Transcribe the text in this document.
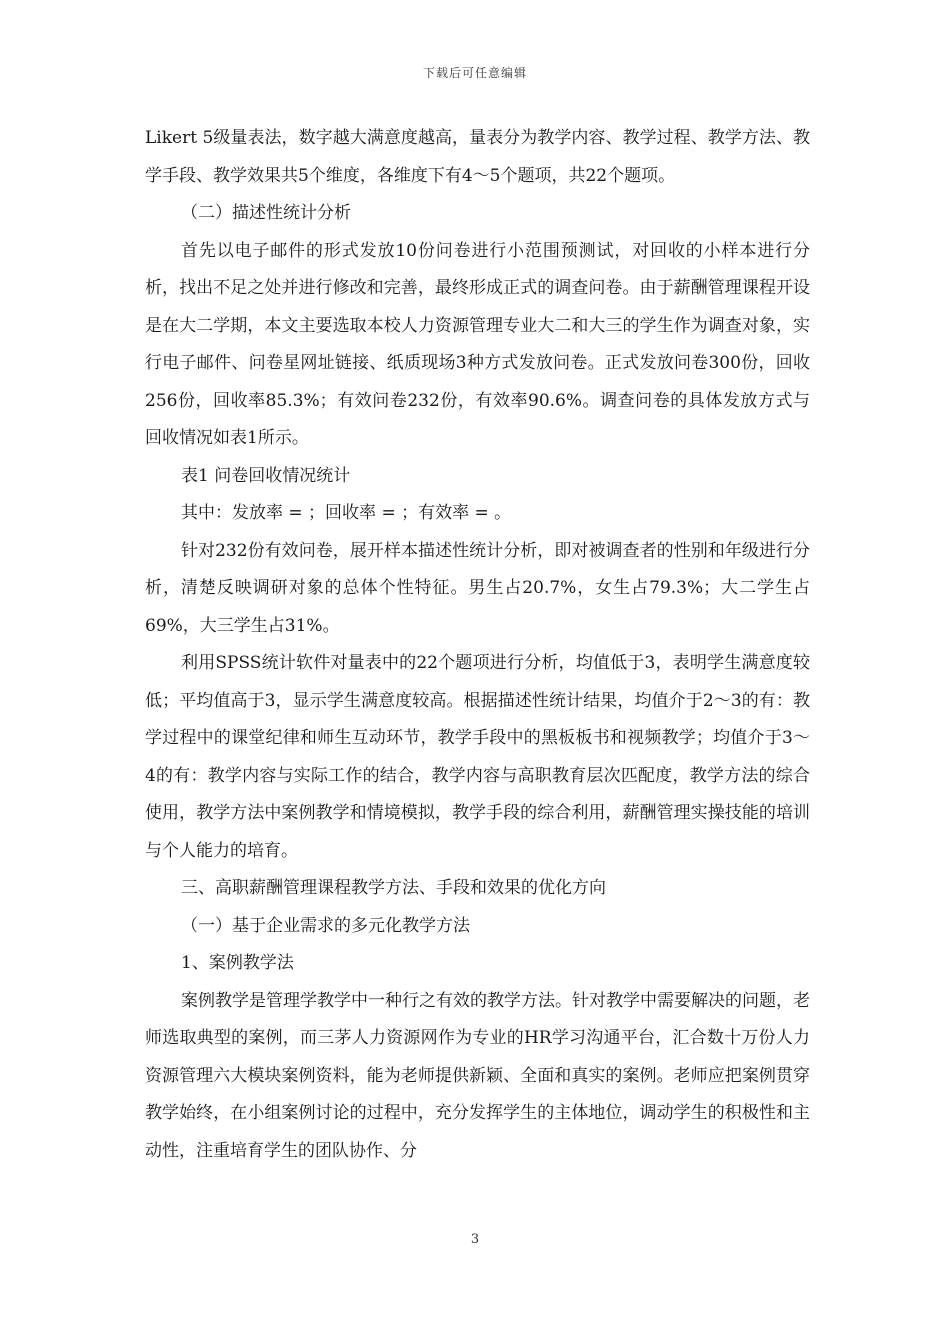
下载后可任意编辑

Likert 5级量表法，数字越大满意度越高，量表分为教学内容、教学过程、教学方法、教学手段、教学效果共5个维度，各维度下有4～5个题项，共22个题项。

（二）描述性统计分析

首先以电子邮件的形式发放10份问卷进行小范围预测试，对回收的小样本进行分析，找出不足之处并进行修改和完善，最终形成正式的调查问卷。由于薪酬管理课程开设是在大二学期，本文主要选取本校人力资源管理专业大二和大三的学生作为调查对象，实行电子邮件、问卷星网址链接、纸质现场3种方式发放问卷。正式发放问卷300份，回收256份，回收率85.3%；有效问卷232份，有效率90.6%。调查问卷的具体发放方式与回收情况如表1所示。

表1 问卷回收情况统计

其中：发放率 = ；回收率 = ；有效率 = 。

针对232份有效问卷，展开样本描述性统计分析，即对被调查者的性别和年级进行分析，清楚反映调研对象的总体个性特征。男生占20.7%，女生占79.3%；大二学生占69%，大三学生占31%。

利用SPSS统计软件对量表中的22个题项进行分析，均值低于3，表明学生满意度较低；平均值高于3，显示学生满意度较高。根据描述性统计结果，均值介于2～3的有：教学过程中的课堂纪律和师生互动环节，教学手段中的黑板板书和视频教学；均值介于3～4的有：教学内容与实际工作的结合，教学内容与高职教育层次匹配度，教学方法的综合使用，教学方法中案例教学和情境模拟，教学手段的综合利用，薪酬管理实操技能的培训与个人能力的培育。

三、高职薪酬管理课程教学方法、手段和效果的优化方向

（一）基于企业需求的多元化教学方法

1、案例教学法

案例教学是管理学教学中一种行之有效的教学方法。针对教学中需要解决的问题，老师选取典型的案例，而三茅人力资源网作为专业的HR学习沟通平台，汇合数十万份人力资源管理六大模块案例资料，能为老师提供新颖、全面和真实的案例。老师应把案例贯穿教学始终，在小组案例讨论的过程中，充分发挥学生的主体地位，调动学生的积极性和主动性，注重培育学生的团队协作、分

3
